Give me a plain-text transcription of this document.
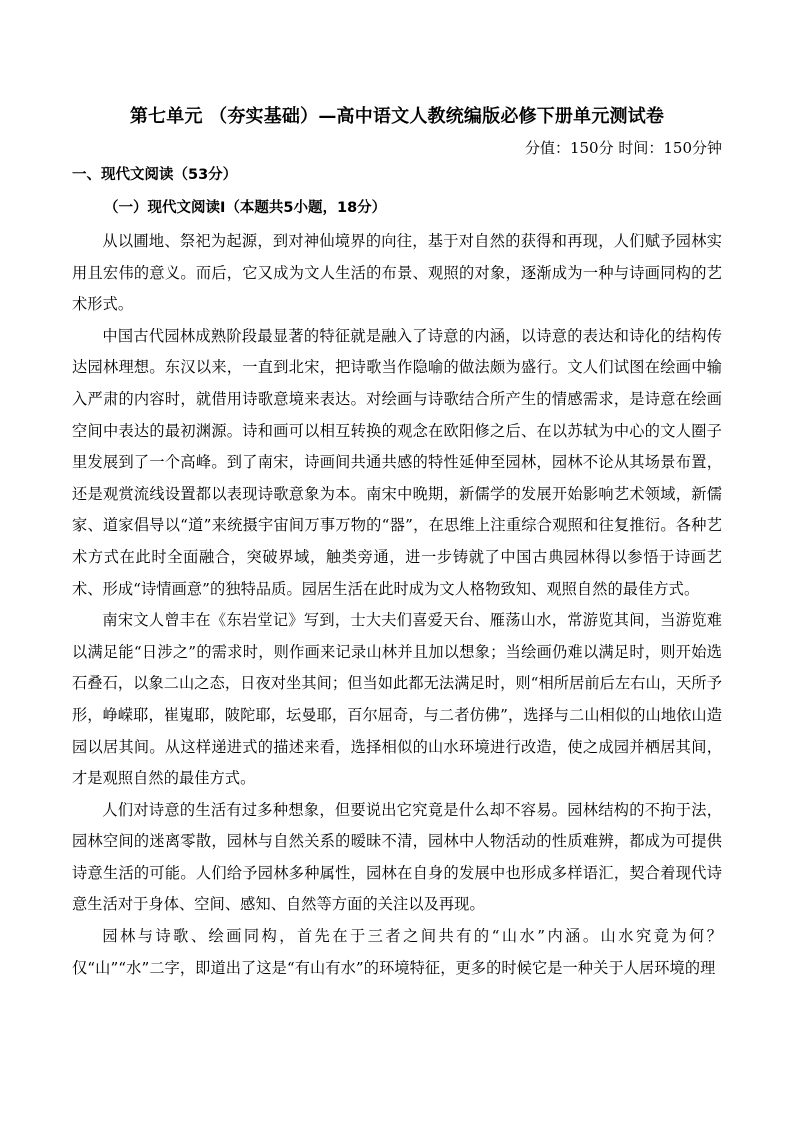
第七单元 （夯实基础）—高中语文人教统编版必修下册单元测试卷
分值：150分 时间：150分钟
一、现代文阅读（53分）
（一）现代文阅读Ⅰ（本题共5小题，18分）

从以圃地、祭祀为起源，到对神仙境界的向往，基于对自然的获得和再现，人们赋予园林实用且宏伟的意义。而后，它又成为文人生活的布景、观照的对象，逐渐成为一种与诗画同构的艺术形式。

中国古代园林成熟阶段最显著的特征就是融入了诗意的内涵，以诗意的表达和诗化的结构传达园林理想。东汉以来，一直到北宋，把诗歌当作隐喻的做法颇为盛行。文人们试图在绘画中输入严肃的内容时，就借用诗歌意境来表达。对绘画与诗歌结合所产生的情感需求，是诗意在绘画空间中表达的最初渊源。诗和画可以相互转换的观念在欧阳修之后、在以苏轼为中心的文人圈子里发展到了一个高峰。到了南宋，诗画间共通共感的特性延伸至园林，园林不论从其场景布置，还是观赏流线设置都以表现诗歌意象为本。南宋中晚期，新儒学的发展开始影响艺术领域，新儒家、道家倡导以“道”来统摄宇宙间万事万物的“器”，在思维上注重综合观照和往复推衍。各种艺术方式在此时全面融合，突破界域，触类旁通，进一步铸就了中国古典园林得以参悟于诗画艺术、形成“诗情画意”的独特品质。园居生活在此时成为文人格物致知、观照自然的最佳方式。

南宋文人曾丰在《东岩堂记》写到，士大夫们喜爱天台、雁荡山水，常游览其间，当游览难以满足能“日涉之”的需求时，则作画来记录山林并且加以想象；当绘画仍难以满足时，则开始选石叠石，以象二山之态，日夜对坐其间；但当如此都无法满足时，则“相所居前后左右山，天所予形，峥嵘耶，崔嵬耶，陂陀耶，坛曼耶，百尔屈奇，与二者仿佛”，选择与二山相似的山地依山造园以居其间。从这样递进式的描述来看，选择相似的山水环境进行改造，使之成园并栖居其间，才是观照自然的最佳方式。

人们对诗意的生活有过多种想象，但要说出它究竟是什么却不容易。园林结构的不拘于法，园林空间的迷离零散，园林与自然关系的暧昧不清，园林中人物活动的性质难辨，都成为可提供诗意生活的可能。人们给予园林多种属性，园林在自身的发展中也形成多样语汇，契合着现代诗意生活对于身体、空间、感知、自然等方面的关注以及再现。

园林与诗歌、绘画同构，首先在于三者之间共有的“山水”内涵。山水究竟为何？仅“山”“水”二字，即道出了这是“有山有水”的环境特征，更多的时候它是一种关于人居环境的理
